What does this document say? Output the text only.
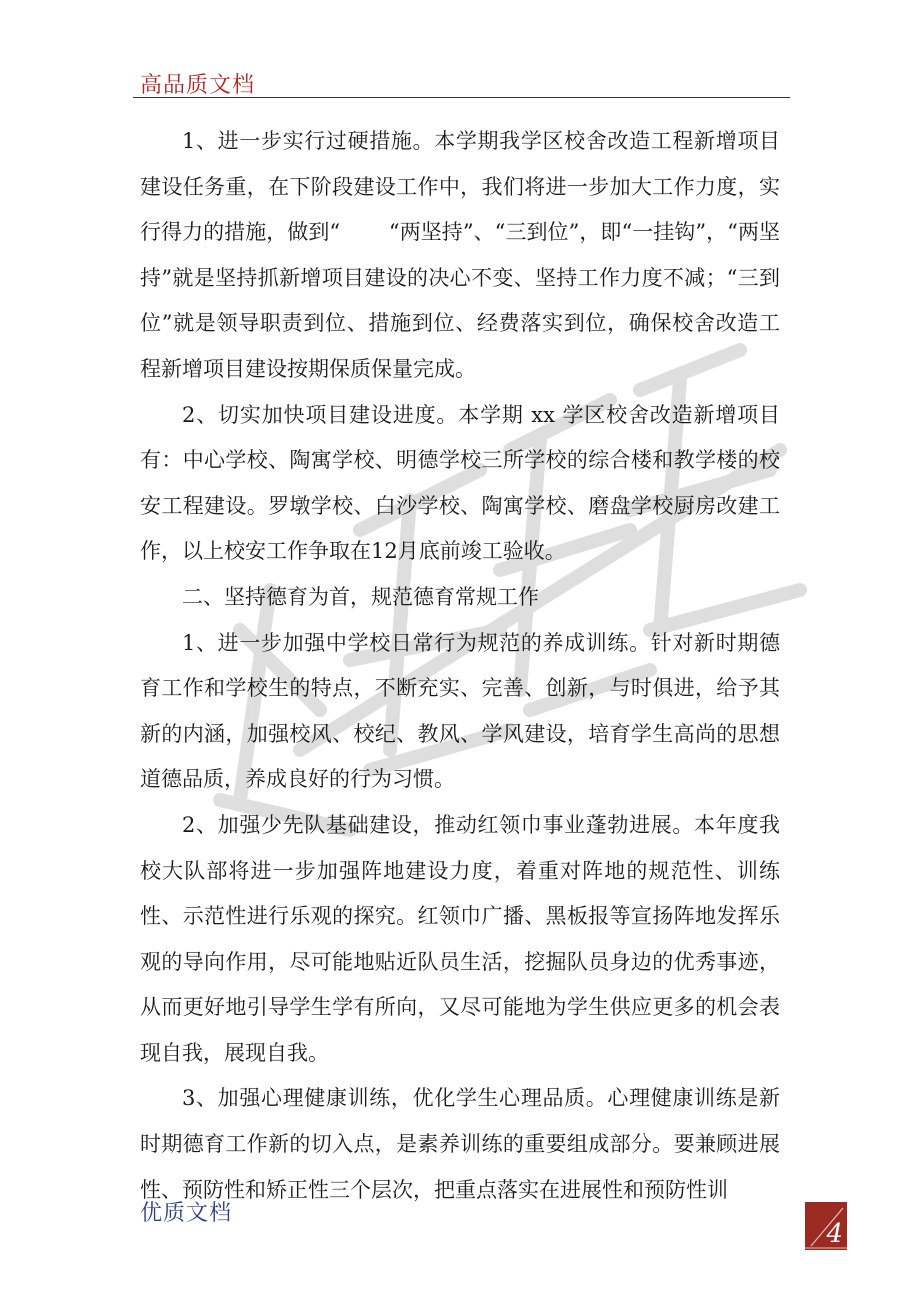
高品质文档

1、进一步实行过硬措施。本学期我学区校舍改造工程新增项目建设任务重，在下阶段建设工作中，我们将进一步加大工作力度，实行得力的措施，做到“ 　　“两坚持”、“三到位”，即“一挂钩”，“两坚持”就是坚持抓新增项目建设的决心不变、坚持工作力度不减；“三到位”就是领导职责到位、措施到位、经费落实到位，确保校舍改造工程新增项目建设按期保质保量完成。

2、切实加快项目建设进度。本学期 xx 学区校舍改造新增项目有：中心学校、陶寓学校、明德学校三所学校的综合楼和教学楼的校安工程建设。罗墩学校、白沙学校、陶寓学校、磨盘学校厨房改建工作，以上校安工作争取在12月底前竣工验收。

二、坚持德育为首，规范德育常规工作

1、进一步加强中学校日常行为规范的养成训练。针对新时期德育工作和学校生的特点，不断充实、完善、创新，与时俱进，给予其新的内涵，加强校风、校纪、教风、学风建设，培育学生高尚的思想道德品质，养成良好的行为习惯。

2、加强少先队基础建设，推动红领巾事业蓬勃进展。本年度我校大队部将进一步加强阵地建设力度，着重对阵地的规范性、训练性、示范性进行乐观的探究。红领巾广播、黑板报等宣扬阵地发挥乐观的导向作用，尽可能地贴近队员生活，挖掘队员身边的优秀事迹，从而更好地引导学生学有所向，又尽可能地为学生供应更多的机会表现自我，展现自我。

3、加强心理健康训练，优化学生心理品质。心理健康训练是新时期德育工作新的切入点，是素养训练的重要组成部分。要兼顾进展性、预防性和矫正性三个层次，把重点落实在进展性和预防性训

优质文档
4
